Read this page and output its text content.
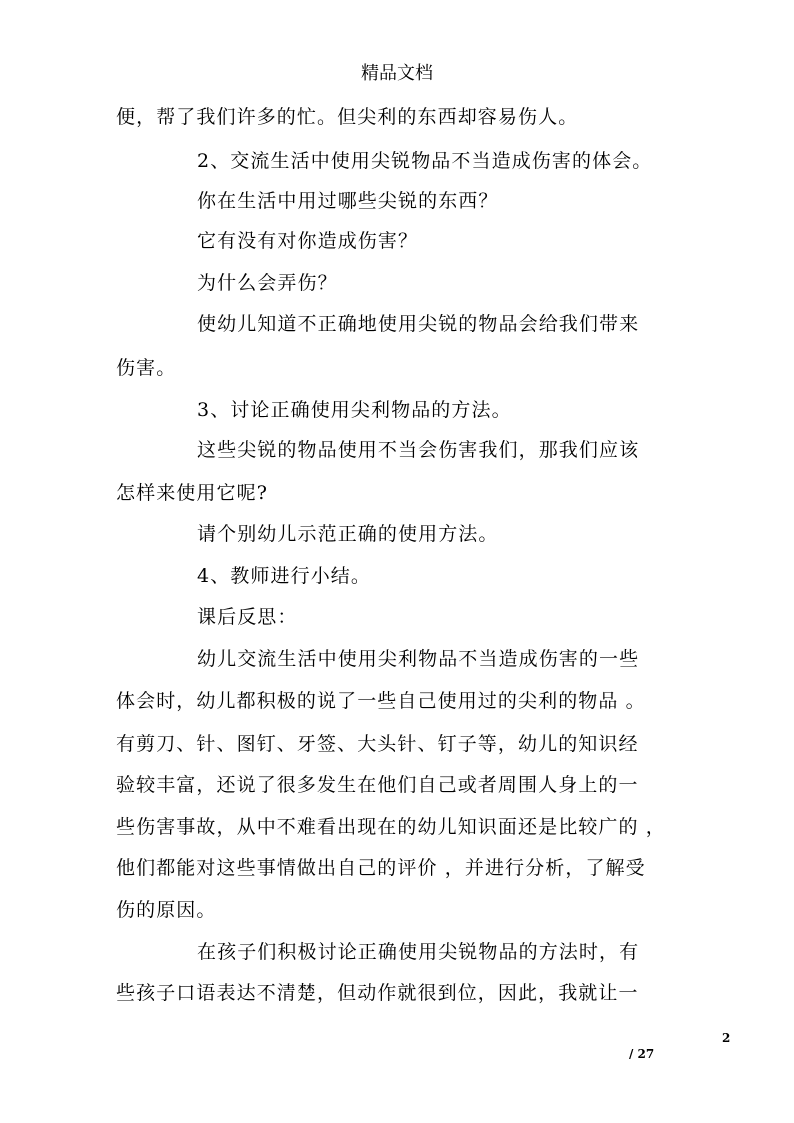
精品文档
便，帮了我们许多的忙。但尖利的东西却容易伤人。
2、交流生活中使用尖锐物品不当造成伤害的体会。
你在生活中用过哪些尖锐的东西？
它有没有对你造成伤害？
为什么会弄伤？
使幼儿知道不正确地使用尖锐的物品会给我们带来
伤害。
3、讨论正确使用尖利物品的方法。
这些尖锐的物品使用不当会伤害我们，那我们应该
怎样来使用它呢?
请个别幼儿示范正确的使用方法。
4、教师进行小结。
课后反思：
幼儿交流生活中使用尖利物品不当造成伤害的一些
体会时，幼儿都积极的说了一些自己使用过的尖利的物品 。
有剪刀、针、图钉、牙签、大头针、钉子等，幼儿的知识经
验较丰富，还说了很多发生在他们自己或者周围人身上的一
些伤害事故，从中不难看出现在的幼儿知识面还是比较广的 ，
他们都能对这些事情做出自己的评价 ，并进行分析，了解受
伤的原因。
在孩子们积极讨论正确使用尖锐物品的方法时，有
些孩子口语表达不清楚，但动作就很到位，因此，我就让一
2
/ 27
